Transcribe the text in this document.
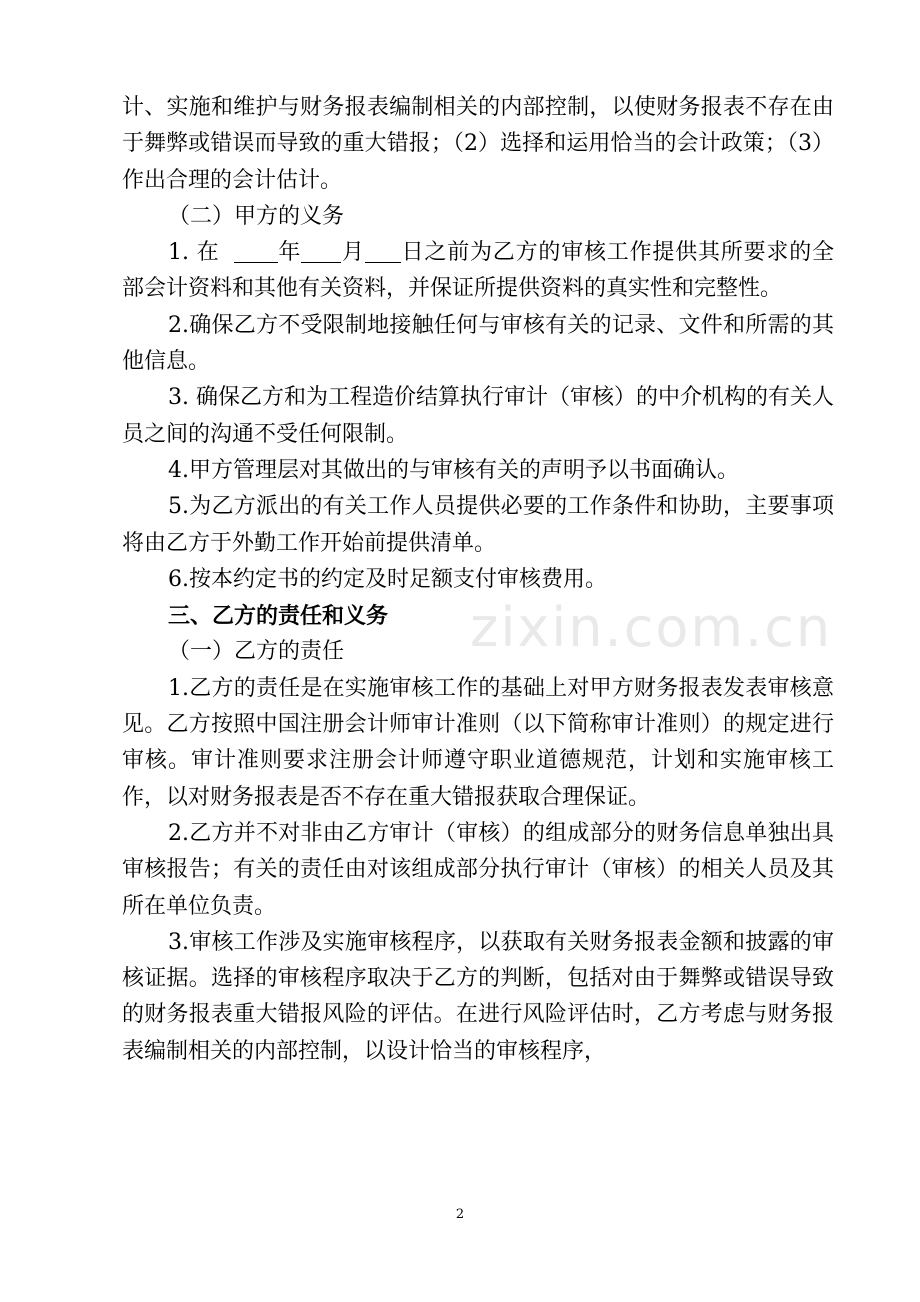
计、实施和维护与财务报表编制相关的内部控制，以使财务报表不存在由于舞弊或错误而导致的重大错报；（2）选择和运用恰当的会计政策；（3）作出合理的会计估计。

（二）甲方的义务

1. 在	年 月 日之前为乙方的审核工作提供其所要求的全部会计资料和其他有关资料，并保证所提供资料的真实性和完整性。

2.确保乙方不受限制地接触任何与审核有关的记录、文件和所需的其他信息。

3. 确保乙方和为工程造价结算执行审计（审核）的中介机构的有关人员之间的沟通不受任何限制。

4.甲方管理层对其做出的与审核有关的声明予以书面确认。

5.为乙方派出的有关工作人员提供必要的工作条件和协助，主要事项将由乙方于外勤工作开始前提供清单。

6.按本约定书的约定及时足额支付审核费用。

三、乙方的责任和义务

（一）乙方的责任

1.乙方的责任是在实施审核工作的基础上对甲方财务报表发表审核意见。乙方按照中国注册会计师审计准则（以下简称审计准则）的规定进行审核。审计准则要求注册会计师遵守职业道德规范，计划和实施审核工作，以对财务报表是否不存在重大错报获取合理保证。

2.乙方并不对非由乙方审计（审核）的组成部分的财务信息单独出具审核报告；有关的责任由对该组成部分执行审计（审核）的相关人员及其所在单位负责。

3.审核工作涉及实施审核程序，以获取有关财务报表金额和披露的审核证据。选择的审核程序取决于乙方的判断，包括对由于舞弊或错误导致的财务报表重大错报风险的评估。在进行风险评估时，乙方考虑与财务报表编制相关的内部控制，以设计恰当的审核程序，

zixin.com.cn
2
